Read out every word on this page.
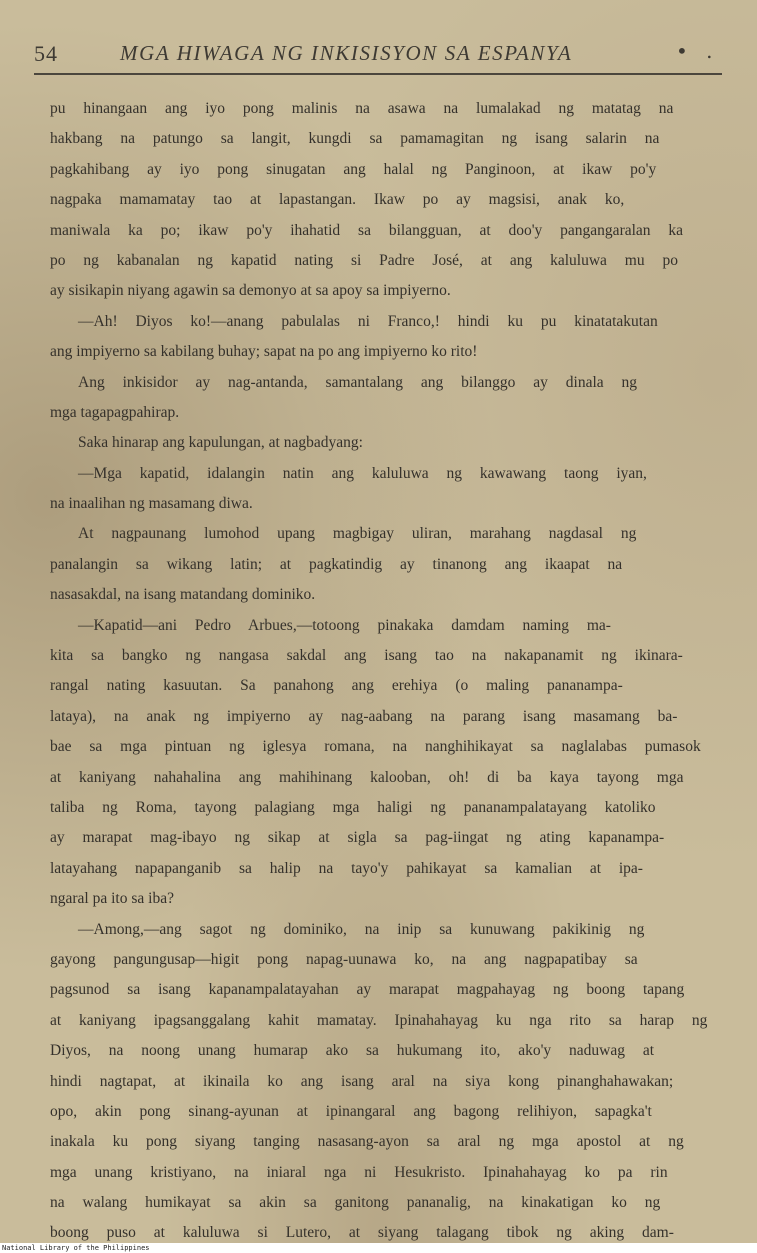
54	MGA HIWAGA NG INKISISYON SA ESPANYA	• .
pu hinangaan ang iyo pong malinis na asawa na lumalakad ng matatag na
hakbang na patungo sa langit, kungdi sa pamamagitan ng isang salarin na
pagkahibang ay iyo pong sinugatan ang halal ng Panginoon, at ikaw po'y
nagpaka mamamatay tao at lapastangan. Ikaw po ay magsisi, anak ko,
maniwala ka po; ikaw po'y ihahatid sa bilangguan, at doo'y pangangaralan ka
po ng kabanalan ng kapatid nating si Padre José, at ang kaluluwa mu po
ay sisikapin niyang agawin sa demonyo at sa apoy sa impiyerno.
—Ah! Diyos ko!—anang pabulalas ni Franco,! hindi ku pu kinatatakutan
ang impiyerno sa kabilang buhay; sapat na po ang impiyerno ko rito!
Ang inkisidor ay nag-antanda, samantalang ang bilanggo ay dinala ng
mga tagapagpahirap.
Saka hinarap ang kapulungan, at nagbadyang:
—Mga kapatid, idalangin natin ang kaluluwa ng kawawang taong iyan,
na inaalihan ng masamang diwa.
At nagpaunang lumohod upang magbigay uliran, marahang nagdasal ng
panalangin sa wikang latin; at pagkatindig ay tinanong ang ikaapat na
nasasakdal, na isang matandang dominiko.
—Kapatid—ani Pedro Arbues,—totoong pinakaka damdam naming ma-
kita sa bangko ng nangasa sakdal ang isang tao na nakapanamit ng ikinara-
rangal nating kasuutan. Sa panahong ang erehiya (o maling pananampa-
lataya), na anak ng impiyerno ay nag-aabang na parang isang masamang ba-
bae sa mga pintuan ng iglesya romana, na nanghihikayat sa naglalabas pumasok
at kaniyang nahahalina ang mahihinang kalooban, oh! di ba kaya tayong mga
taliba ng Roma, tayong palagiang mga haligi ng pananampalatayang katoliko
ay marapat mag-ibayo ng sikap at sigla sa pag-iingat ng ating kapanampa-
latayahang napapanganib sa halip na tayo'y pahikayat sa kamalian at ipa-
ngaral pa ito sa iba?
—Among,—ang sagot ng dominiko, na inip sa kunuwang pakikinig ng
gayong pangungusap—higit pong napag-uunawa ko, na ang nagpapatibay sa
pagsunod sa isang kapanampalatayahan ay marapat magpahayag ng boong tapang
at kaniyang ipagsanggalang kahit mamatay. Ipinahahayag ku nga rito sa harap ng
Diyos, na noong unang humarap ako sa hukumang ito, ako'y naduwag at
hindi nagtapat, at ikinaila ko ang isang aral na siya kong pinanghahawakan;
opo, akin pong sinang-ayunan at ipinangaral ang bagong relihiyon, sapagka't
inakala ku pong siyang tanging nasasang-ayon sa aral ng mga apostol at ng
mga unang kristiyano, na iniaral nga ni Hesukristo. Ipinahahayag ko pa rin
na walang humikayat sa akin sa ganitong pananalig, na kinakatigan ko ng
boong puso at kaluluwa si Lutero, at siyang talagang tibok ng aking dam-
National Library of the Philippines
